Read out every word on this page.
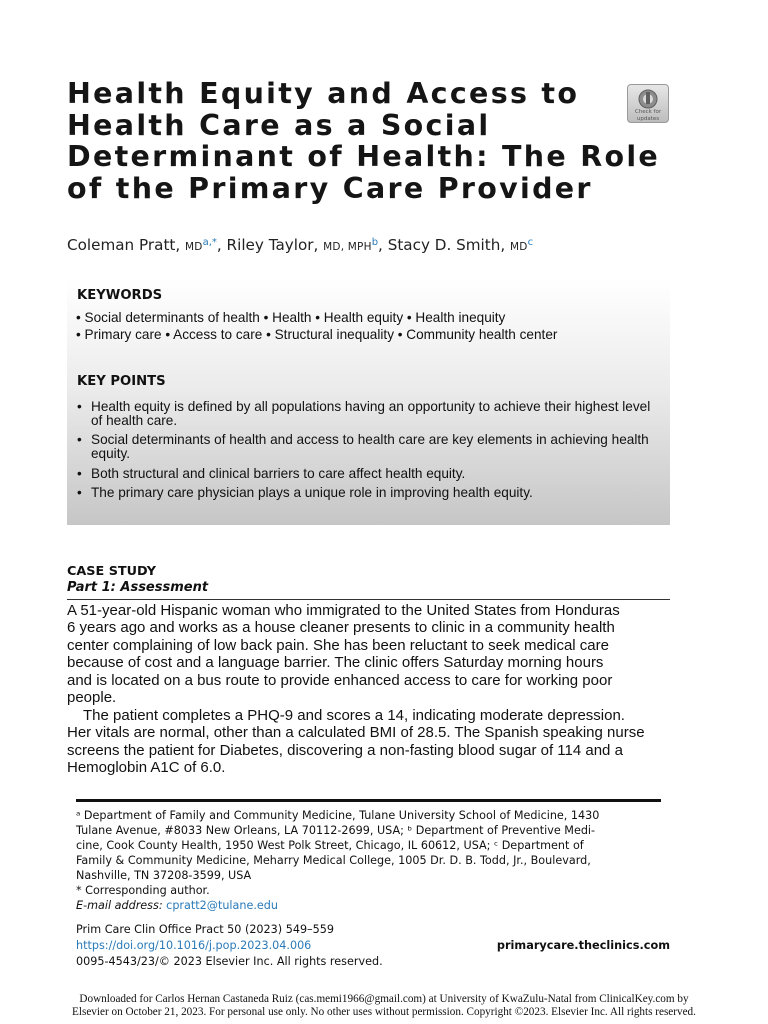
Health Equity and Access to
Health Care as a Social
Determinant of Health: The Role
of the Primary Care Provider
Check for
updates
Coleman Pratt, $MD^{a,*}$, Riley Taylor, MD, MPH$^b$, Stacy D. Smith, $MD^c$
KEYWORDS
• Social determinants of health • Health • Health equity • Health inequity
• Primary care • Access to care • Structural inequality • Community health center
KEY POINTS
• Health equity is defined by all populations having an opportunity to achieve their highest level of health care.
• Social determinants of health and access to health care are key elements in achieving health equity.
• Both structural and clinical barriers to care affect health equity.
• The primary care physician plays a unique role in improving health equity.
CASE STUDY
Part 1: Assessment

A 51-year-old Hispanic woman who immigrated to the United States from Honduras
6 years ago and works as a house cleaner presents to clinic in a community health
center complaining of low back pain. She has been reluctant to seek medical care
because of cost and a language barrier. The clinic offers Saturday morning hours
and is located on a bus route to provide enhanced access to care for working poor
people.

The patient completes a PHQ-9 and scores a 14, indicating moderate depression.
Her vitals are normal, other than a calculated BMI of 28.5. The Spanish speaking nurse
screens the patient for Diabetes, discovering a non-fasting blood sugar of 114 and a
Hemoglobin A1C of 6.0.

ᵃ Department of Family and Community Medicine, Tulane University School of Medicine, 1430
Tulane Avenue, #8033 New Orleans, LA 70112-2699, USA; ᵇ Department of Preventive Medi-
cine, Cook County Health, 1950 West Polk Street, Chicago, IL 60612, USA; ᶜ Department of
Family & Community Medicine, Meharry Medical College, 1005 Dr. D. B. Todd, Jr., Boulevard,
Nashville, TN 37208-3599, USA
* Corresponding author.
E-mail address: cpratt2@tulane.edu

Prim Care Clin Office Pract 50 (2023) 549–559
https://doi.org/10.1016/j.pop.2023.04.006
0095-4543/23/© 2023 Elsevier Inc. All rights reserved.

primarycare.theclinics.com

Downloaded for Carlos Hernan Castaneda Ruiz (cas.memi1966@gmail.com) at University of KwaZulu-Natal from ClinicalKey.com by
Elsevier on October 21, 2023. For personal use only. No other uses without permission. Copyright ©2023. Elsevier Inc. All rights reserved.
